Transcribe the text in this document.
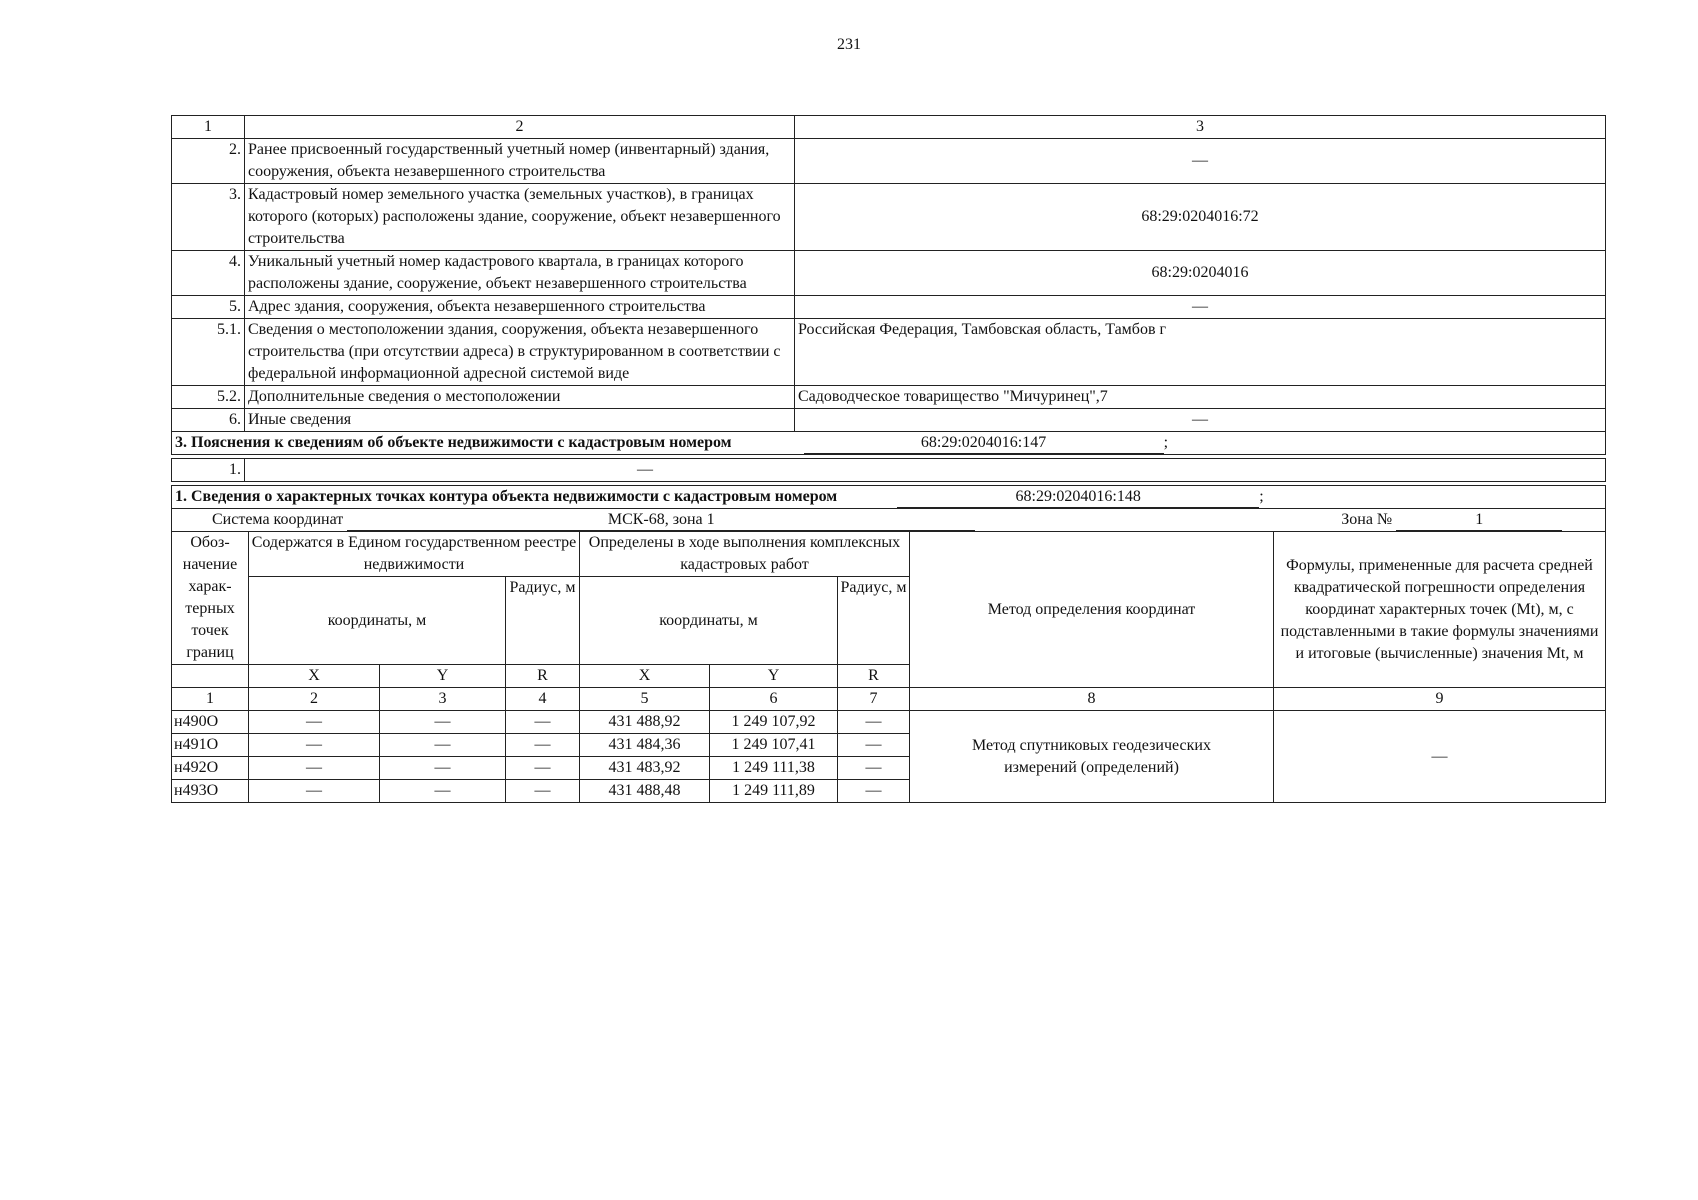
231
1	2	3
2.	Ранее присвоенный государственный учетный номер (инвентарный) здания, сооружения, объекта незавершенного строительства	—
3.	Кадастровый номер земельного участка (земельных участков), в границах которого (которых) расположены здание, сооружение, объект незавершенного строительства	68:29:0204016:72
4.	Уникальный учетный номер кадастрового квартала, в границах которого расположены здание, сооружение, объект незавершенного строительства	68:29:0204016
5.	Адрес здания, сооружения, объекта незавершенного строительства	—
5.1.	Сведения о местоположении здания, сооружения, объекта незавершенного строительства (при отсутствии адреса) в структурированном в соответствии с федеральной информационной адресной системой виде	Российская Федерация, Тамбовская область, Тамбов г
5.2.	Дополнительные сведения о местоположении	Садоводческое товарищество "Мичуринец",7
6.	Иные сведения	—
3. Пояснения к сведениям об объекте недвижимости с кадастровым номером 68:29:0204016:147 ;		

1.	—	

1. Сведения о характерных точках контура объекта недвижимости с кадастровым номером 68:29:0204016:148 ;								
Система координат МСК-68, зона 1 Зона № 1								
Обоз-начение харак-терных точек границ	Содержатся в Едином государственном реестре недвижимости			Определены в ходе выполнения комплексных кадастровых работ			Метод определения координат	Формулы, примененные для расчета средней квадратической погрешности определения координат характерных точек (Mt), м, с подставленными в такие формулы значениями и итоговые (вычисленные) значения Mt, м

	координаты, м		Радиус, м	координаты, м		Радиус, м		
	X	Y	R	X	Y	R		
1	2	3	4	5	6	7	8	9
н490О	—	—	—	431 488,92	1 249 107,92	—	Метод спутниковых геодезических измерений (определений)	—
н491О	—	—	—	431 484,36	1 249 107,41	—		
н492О	—	—	—	431 483,92	1 249 111,38	—		
н493О	—	—	—	431 488,48	1 249 111,89	—		
